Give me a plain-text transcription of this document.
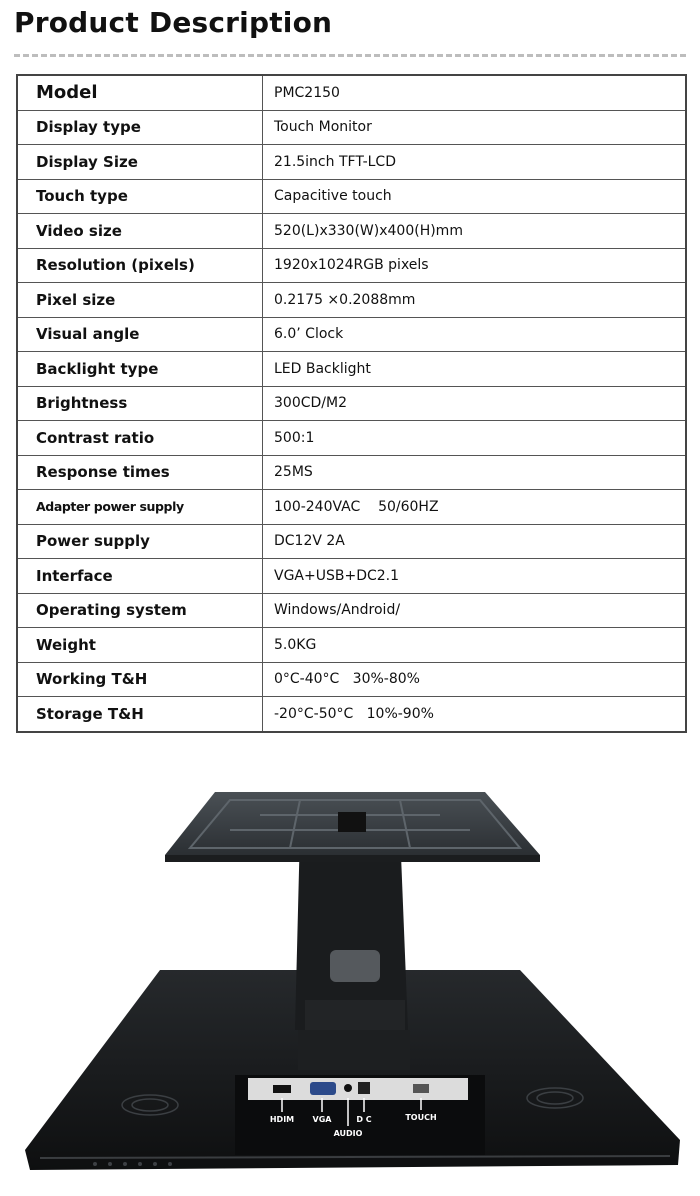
Product Description
Model	PMC2150
Display type	Touch Monitor
Display Size	21.5inch TFT-LCD
Touch type	Capacitive touch
Video size	520(L)x330(W)x400(H)mm
Resolution (pixels)	1920x1024RGB pixels
Pixel size	0.2175 ×0.2088mm
Visual angle	6.0’ Clock
Backlight type	LED Backlight
Brightness	300CD/M2
Contrast ratio	500:1
Response times	25MS
Adapter power supply	100-240VAC    50/60HZ
Power supply	DC12V 2A
Interface	VGA+USB+DC2.1
Operating system	Windows/Android/
Weight	5.0KG
Working T&H	0°C-40°C   30%-80%
Storage T&H	-20°C-50°C   10%-90%
HDIM VGA
AUDIO
D C	TOUCH
